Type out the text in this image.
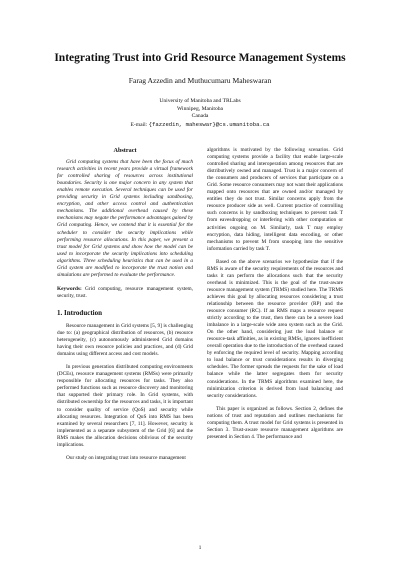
Integrating Trust into Grid Resource Management Systems

Farag Azzedin and Muthucumaru Maheswaran

University of Manitoba and TRLabs
Winnipeg, Manitoba
Canada
E-mail: {fazzedin, maheswar}@cs.umanitoba.ca
Abstract

Grid computing systems that have been the focus of much research activities in recent years provide a virtual framework for controlled sharing of resources across institutional boundaries. Security is one major concern in any system that enables remote execution. Several techniques can be used for providing security in Grid systems including sandboxing, encryption, and other access control and authentication mechanisms. The additional overhead caused by these mechanisms may negate the performance advantages gained by Grid computing. Hence, we contend that it is essential for the scheduler to consider the security implications while performing resource allocations. In this paper, we present a trust model for Grid systems and show how the model can be used to incorporate the security implications into scheduling algorithms. Three scheduling heuristics that can be used in a Grid system are modified to incorporate the trust notion and simulations are performed to evaluate the performance.

Keywords: Grid computing, resource management system, security, trust.

1. Introduction

Resource management in Grid systems [5, 9] is challenging due to: (a) geographical distribution of resources, (b) resource heterogeneity, (c) autonomously administered Grid domains having their own resource policies and practices, and (d) Grid domains using different access and cost models.

In previous generation distributed computing environments (DCEs), resource management systems (RMSs) were primarily responsible for allocating resources for tasks. They also performed functions such as resource discovery and monitoring that supported their primary role. In Grid systems, with distributed ownership for the resources and tasks, it is important to consider quality of service (QoS) and security while allocating resources. Integration of QoS into RMS has been examined by several researchers [7, 11]. However, security is implemented as a separate subsystem of the Grid [6] and the RMS makes the allocation decisions oblivious of the security implications.

Our study on integrating trust into resource management

algorithms is motivated by the following scenarios. Grid computing systems provide a facility that enable large-scale controlled sharing and interoperation among resources that are distributively owned and managed. Trust is a major concern of the consumers and producers of services that participate on a Grid. Some resource consumers may not want their applications mapped onto resources that are owned and/or managed by entities they do not trust. Similar concerns apply from the resource producer side as well. Current practice of controlling such concerns is by sandboxing techniques to prevent task T from eavesdropping or interfering with other computation or activities ongoing on M. Similarly, task T may employ encryption, data hiding, intelligent data encoding, or other mechanisms to prevent M from snooping into the sensitive information carried by task T.

Based on the above scenarios we hypothesize that if the RMS is aware of the security requirements of the resources and tasks it can perform the allocations such that the security overhead is minimized. This is the goal of the trust-aware resource management system (TRMS) studied here. The TRMS achieves this goal by allocating resources considering a trust relationship between the resource provider (RP) and the resource consumer (RC). If an RMS maps a resource request strictly according to the trust, then there can be a severe load imbalance in a large-scale wide area system such as the Grid. On the other hand, considering just the load balance or resource-task affinities, as in existing RMSs, ignores inefficient overall operation due to the introduction of the overhead caused by enforcing the required level of security. Mapping according to load balance or trust considerations results in diverging schedules. The former spreads the requests for the sake of load balance while the latter segregates them for security considerations. In the TRMS algorithms examined here, the minimization criterion is derived from load balancing and security considerations.

This paper is organized as follows. Section 2, defines the notions of trust and reputation and outlines mechanisms for computing them. A trust model for Grid systems is presented in Section 3. Trust-aware resource management algorithms are presented in Section 4. The performance and

1
